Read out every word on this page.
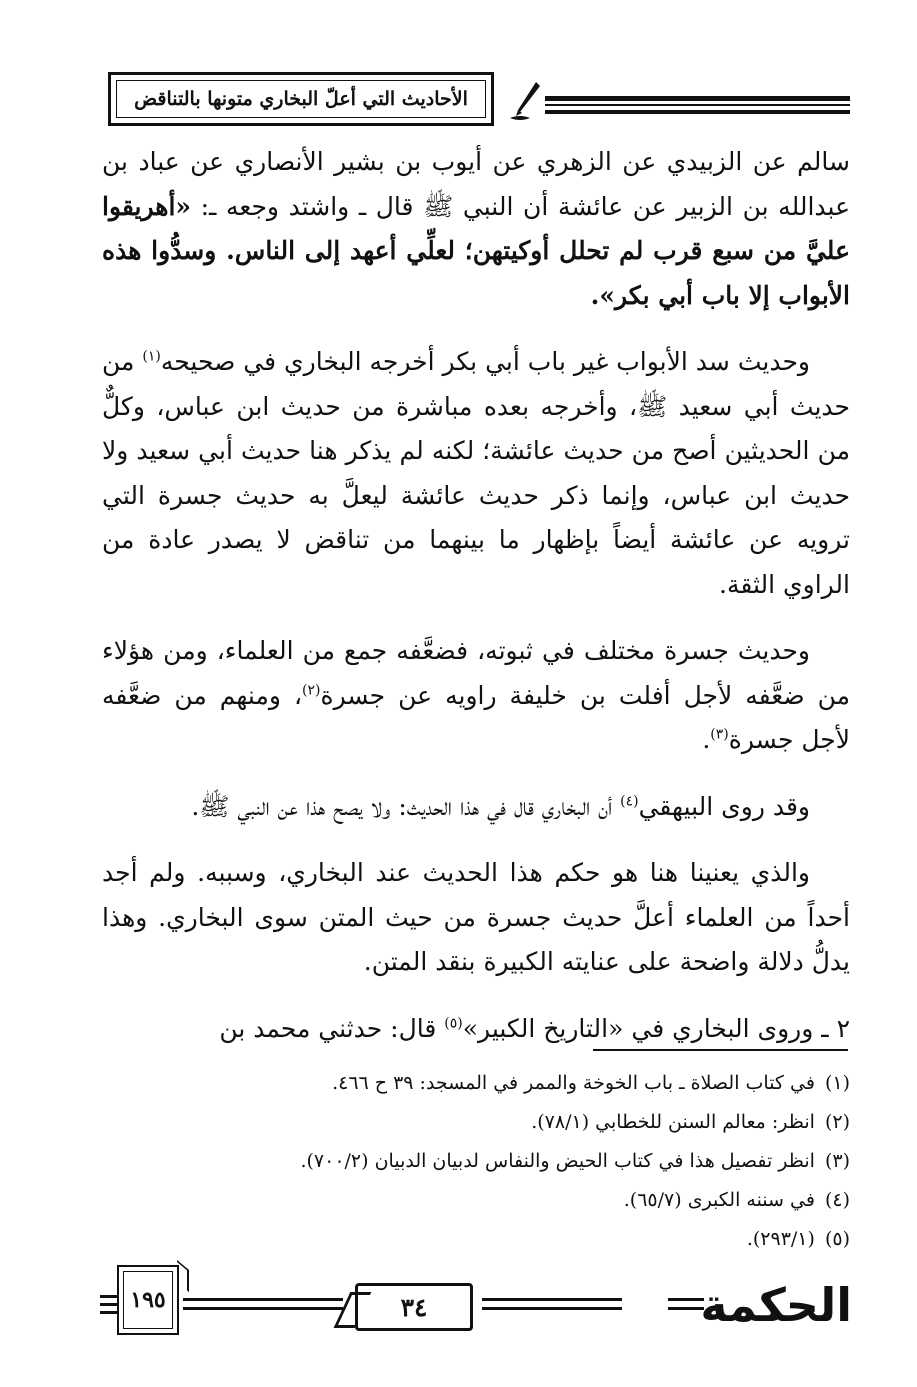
الأحاديث التي أعلّ البخاري متونها بالتناقض

سالم عن الزبيدي عن الزهري عن أيوب بن بشير الأنصاري عن عباد بن عبدالله بن الزبير عن عائشة أن النبي ﷺ قال ـ واشتد وجعه ـ: «أهريقوا عليَّ من سبع قرب لم تحلل أوكيتهن؛ لعلِّي أعهد إلى الناس. وسدُّوا هذه الأبواب إلا باب أبي بكر».

وحديث سد الأبواب غير باب أبي بكر أخرجه البخاري في صحيحه$^{(١)}$ من حديث أبي سعيد ﷺ، وأخرجه بعده مباشرة من حديث ابن عباس، وكلٌّ من الحديثين أصح من حديث عائشة؛ لكنه لم يذكر هنا حديث أبي سعيد ولا حديث ابن عباس، وإنما ذكر حديث عائشة ليعلَّ به حديث جسرة التي ترويه عن عائشة أيضاً بإظهار ما بينهما من تناقض لا يصدر عادة من الراوي الثقة.

وحديث جسرة مختلف في ثبوته، فضعَّفه جمع من العلماء، ومن هؤلاء من ضعَّفه لأجل أفلت بن خليفة راويه عن جسرة$^{(٢)}$، ومنهم من ضعَّفه لأجل جسرة$^{(٣)}$.

وقد روى البيهقي$^{(٤)}$ أن البخاري قال في هذا الحديث: ولا يصح هذا عن النبي ﷺ.

والذي يعنينا هنا هو حكم هذا الحديث عند البخاري، وسببه. ولم أجد أحداً من العلماء أعلَّ حديث جسرة من حيث المتن سوى البخاري. وهذا يدلُّ دلالة واضحة على عنايته الكبيرة بنقد المتن.

٢ ـ وروى البخاري في «التاريخ الكبير»$^{(٥)}$ قال: حدثني محمد بن

(١)في كتاب الصلاة ـ باب الخوخة والممر في المسجد: ٣٩ ح ٤٦٦.
(٢)انظر: معالم السنن للخطابي (٧٨/١).
(٣)انظر تفصيل هذا في كتاب الحيض والنفاس لدبيان الدبيان (٧٠٠/٢).
(٤)في سننه الكبرى (٦٥/٧).
(٥)(٢٩٣/١).
١٩٥	٣٤	الحكمة
